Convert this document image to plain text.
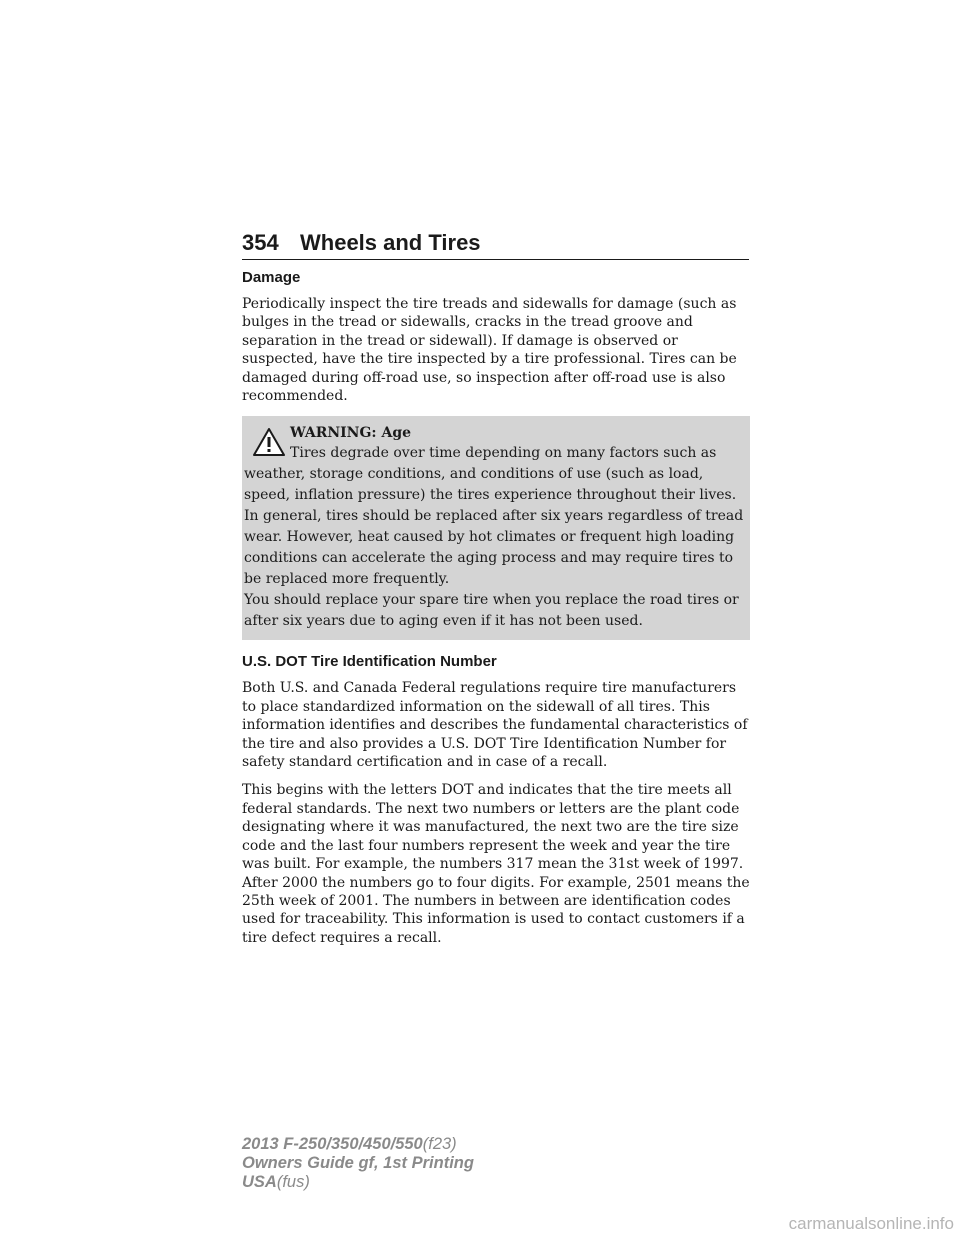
354 Wheels and Tires
Damage

Periodically inspect the tire treads and sidewalls for damage (such as bulges in the tread or sidewalls, cracks in the tread groove and separation in the tread or sidewall). If damage is observed or suspected, have the tire inspected by a tire professional. Tires can be damaged during off-road use, so inspection after off-road use is also recommended.

WARNING: Age

Tires degrade over time depending on many factors such as weather, storage conditions, and conditions of use (such as load, speed, inflation pressure) the tires experience throughout their lives.

In general, tires should be replaced after six years regardless of tread wear. However, heat caused by hot climates or frequent high loading conditions can accelerate the aging process and may require tires to be replaced more frequently.

You should replace your spare tire when you replace the road tires or after six years due to aging even if it has not been used.

U.S. DOT Tire Identification Number

Both U.S. and Canada Federal regulations require tire manufacturers to place standardized information on the sidewall of all tires. This information identifies and describes the fundamental characteristics of the tire and also provides a U.S. DOT Tire Identification Number for safety standard certification and in case of a recall.

This begins with the letters DOT and indicates that the tire meets all federal standards. The next two numbers or letters are the plant code designating where it was manufactured, the next two are the tire size code and the last four numbers represent the week and year the tire was built. For example, the numbers 317 mean the 31st week of 1997. After 2000 the numbers go to four digits. For example, 2501 means the 25th week of 2001. The numbers in between are identification codes used for traceability. This information is used to contact customers if a tire defect requires a recall.

2013 F-250/350/450/550(f23)
Owners Guide gf, 1st Printing
USA(fus)
carmanualsonline.info
